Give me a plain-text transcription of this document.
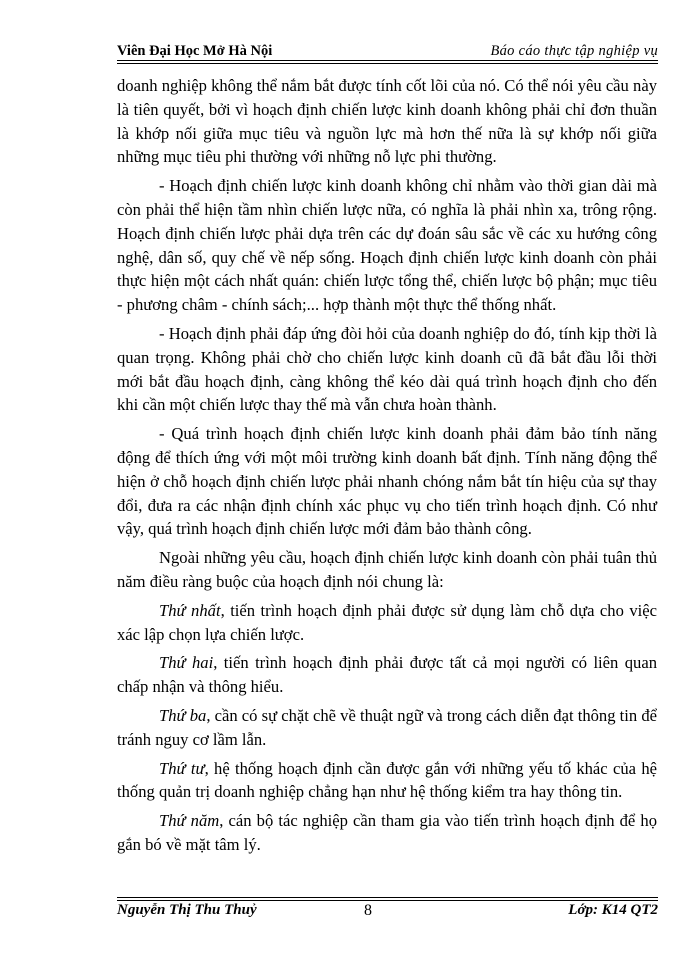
Viên Đại Học Mở Hà Nội	Báo cáo thực tập nghiệp vụ

doanh nghiệp không thể nắm bắt được tính cốt lõi của nó. Có thể nói yêu cầu này là tiên quyết, bởi vì hoạch định chiến lược kinh doanh không phải chỉ đơn thuần là khớp nối giữa mục tiêu và nguồn lực mà hơn thế nữa là sự khớp nối giữa những mục tiêu phi thường với những nỗ lực phi thường.

- Hoạch định chiến lược kinh doanh không chỉ nhằm vào thời gian dài mà còn phải thể hiện tầm nhìn chiến lược nữa, có nghĩa là phải nhìn xa, trông rộng. Hoạch định chiến lược phải dựa trên các dự đoán sâu sắc về các xu hướng công nghệ, dân số, quy chế về nếp sống. Hoạch định chiến lược kinh doanh còn phải thực hiện một cách nhất quán: chiến lược tổng thể, chiến lược bộ phận; mục tiêu - phương châm - chính sách;... hợp thành một thực thể thống nhất.

- Hoạch định phải đáp ứng đòi hỏi của doanh nghiệp do đó, tính kịp thời là quan trọng. Không phải chờ cho chiến lược kinh doanh cũ đã bắt đầu lỗi thời mới bắt đầu hoạch định, càng không thể kéo dài quá trình hoạch định cho đến khi cần một chiến lược thay thế mà vẫn chưa hoàn thành.

- Quá trình hoạch định chiến lược kinh doanh phải đảm bảo tính năng động để thích ứng với một môi trường kinh doanh bất định. Tính năng động thể hiện ở chỗ hoạch định chiến lược phải nhanh chóng nắm bắt tín hiệu của sự thay đổi, đưa ra các nhận định chính xác phục vụ cho tiến trình hoạch định. Có như vậy, quá trình hoạch định chiến lược mới đảm bảo thành công.

Ngoài những yêu cầu, hoạch định chiến lược kinh doanh còn phải tuân thủ năm điều ràng buộc của hoạch định nói chung là:

Thứ nhất, tiến trình hoạch định phải được sử dụng làm chỗ dựa cho việc xác lập chọn lựa chiến lược.

Thứ hai, tiến trình hoạch định phải được tất cả mọi người có liên quan chấp nhận và thông hiểu.

Thứ ba, cần có sự chặt chẽ về thuật ngữ và trong cách diễn đạt thông tin để tránh nguy cơ lầm lẫn.

Thứ tư, hệ thống hoạch định cần được gắn với những yếu tố khác của hệ thống quản trị doanh nghiệp chẳng hạn như hệ thống kiểm tra hay thông tin.

Thứ năm, cán bộ tác nghiệp cần tham gia vào tiến trình hoạch định để họ gắn bó về mặt tâm lý.

Nguyễn Thị Thu Thuỷ	8	Lớp: K14 QT2
